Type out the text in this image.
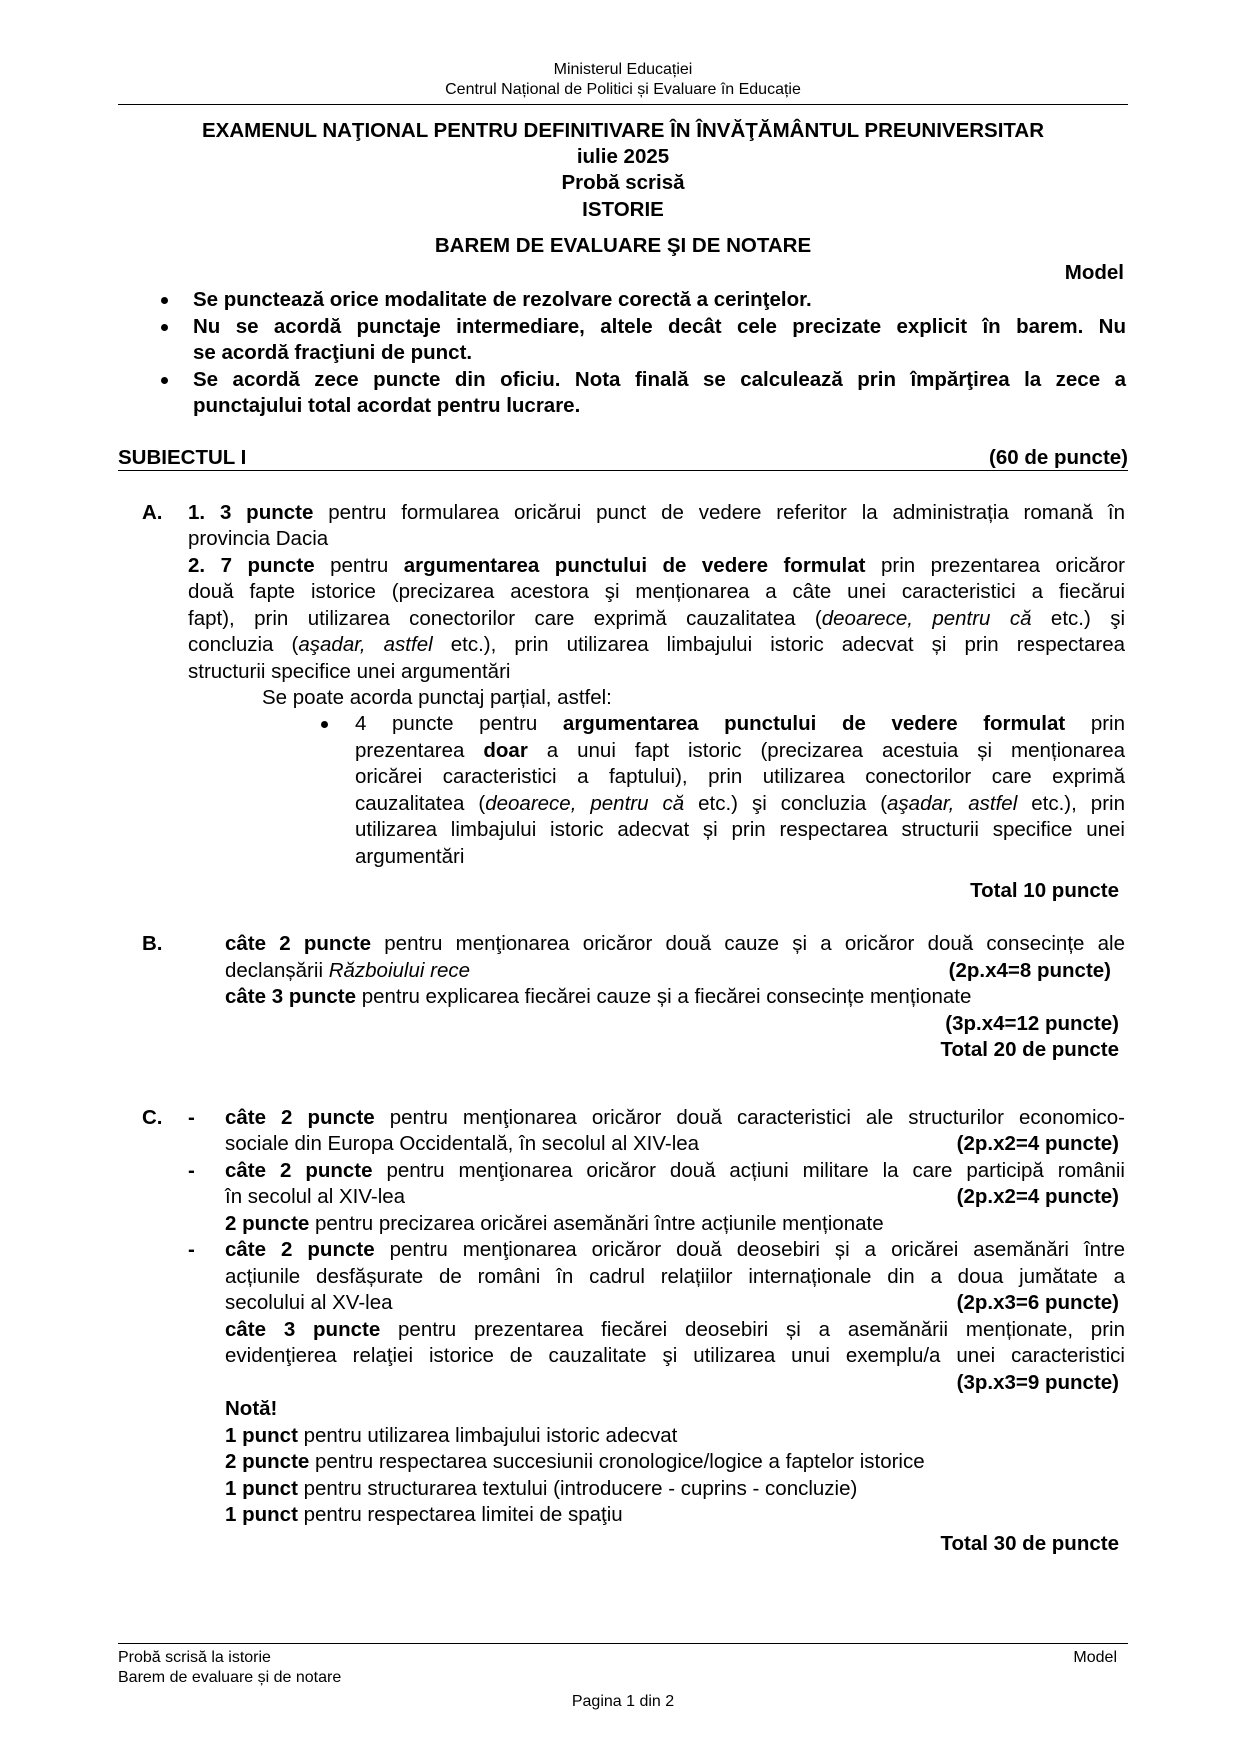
Ministerul Educației
Centrul Național de Politici și Evaluare în Educație
EXAMENUL NAŢIONAL PENTRU DEFINITIVARE ÎN ÎNVĂŢĂMÂNTUL PREUNIVERSITAR
iulie 2025
Probă scrisă
ISTORIE
BAREM DE EVALUARE ŞI DE NOTARE
Model
Se punctează orice modalitate de rezolvare corectă a cerinţelor.
Nu se acordă punctaje intermediare, altele decât cele precizate explicit în barem. Nu
se acordă fracţiuni de punct.
Se acordă zece puncte din oficiu. Nota finală se calculează prin împărţirea la zece a
punctajului total acordat pentru lucrare.
SUBIECTUL I	(60 de puncte)
A. 1. 3 puncte pentru formularea oricărui punct de vedere referitor la administrația romană în
provincia Dacia
2. 7 puncte pentru argumentarea punctului de vedere formulat prin prezentarea oricăror
două fapte istorice (precizarea acestora şi menționarea a câte unei caracteristici a fiecărui
fapt), prin utilizarea conectorilor care exprimă cauzalitatea (deoarece, pentru că etc.) şi
concluzia (aşadar, astfel etc.), prin utilizarea limbajului istoric adecvat și prin respectarea
structurii specifice unei argumentări
Se poate acorda punctaj parțial, astfel:
4 puncte pentru argumentarea punctului de vedere formulat prin
prezentarea doar a unui fapt istoric (precizarea acestuia și menționarea
oricărei caracteristici a faptului), prin utilizarea conectorilor care exprimă
cauzalitatea (deoarece, pentru că etc.) şi concluzia (aşadar, astfel etc.), prin
utilizarea limbajului istoric adecvat și prin respectarea structurii specifice unei
argumentări
Total 10 puncte
B.	câte 2 puncte pentru menţionarea oricăror două cauze și a oricăror două consecințe ale
declanșării Războiului rece	(2p.x4=8 puncte)
câte 3 puncte pentru explicarea fiecărei cauze și a fiecărei consecințe menționate
(3p.x4=12 puncte)
Total 20 de puncte
C. - câte 2 puncte pentru menţionarea oricăror două caracteristici ale structurilor economico-
sociale din Europa Occidentală, în secolul al XIV-lea	(2p.x2=4 puncte)
- câte 2 puncte pentru menţionarea oricăror două acțiuni militare la care participă românii
în secolul al XIV-lea	(2p.x2=4 puncte)
2 puncte pentru precizarea oricărei asemănări între acțiunile menționate
- câte 2 puncte pentru menţionarea oricăror două deosebiri și a oricărei asemănări între
acțiunile desfășurate de români în cadrul relațiilor internaționale din a doua jumătate a
secolului al XV-lea	(2p.x3=6 puncte)
câte 3 puncte pentru prezentarea fiecărei deosebiri și a asemănării menționate, prin
evidenţierea relaţiei istorice de cauzalitate şi utilizarea unui exemplu/a unei caracteristici
(3p.x3=9 puncte)
Notă!
1 punct pentru utilizarea limbajului istoric adecvat
2 puncte pentru respectarea succesiunii cronologice/logice a faptelor istorice
1 punct pentru structurarea textului (introducere - cuprins - concluzie)
1 punct pentru respectarea limitei de spaţiu
Total 30 de puncte
Probă scrisă la istorie
Barem de evaluare și de notare
Model
Pagina 1 din 2
